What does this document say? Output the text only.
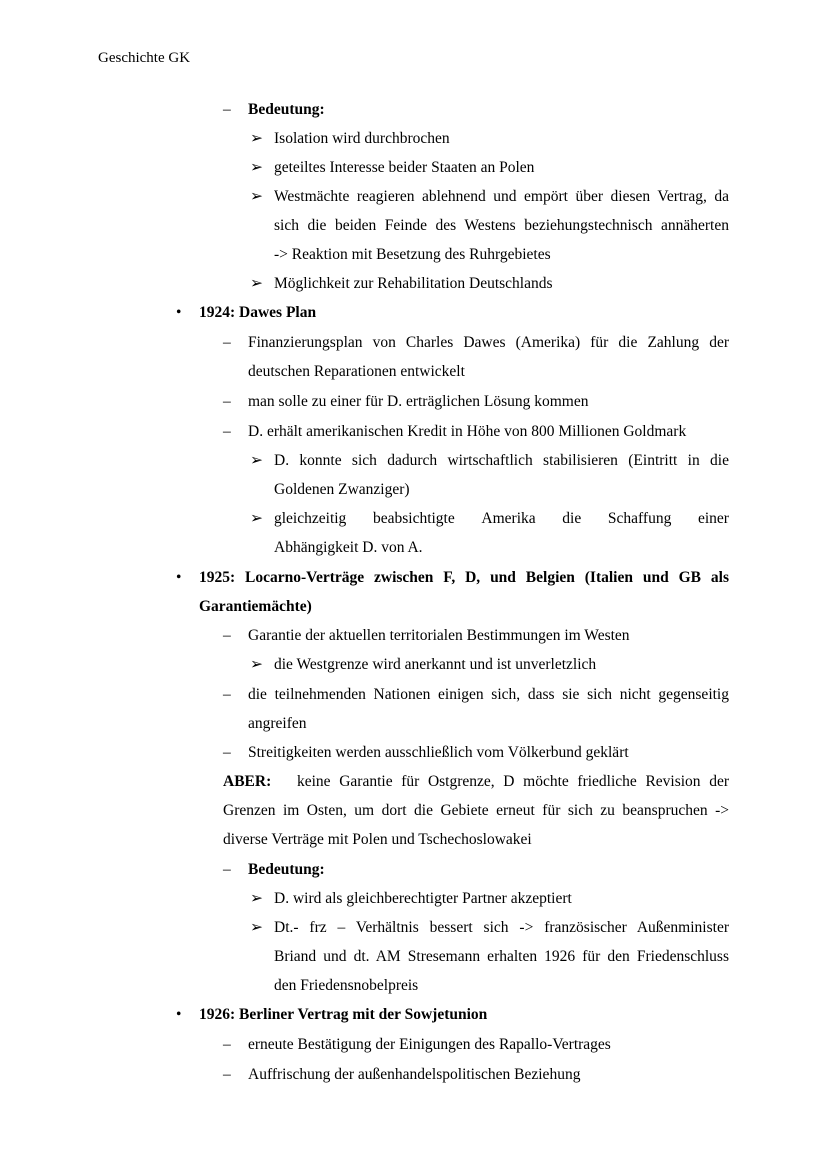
Geschichte GK
– Bedeutung:
➢ Isolation wird durchbrochen
➢ geteiltes Interesse beider Staaten an Polen
➢ Westmächte reagieren ablehnend und empört über diesen Vertrag, da
sich die beiden Feinde des Westens beziehungstechnisch annäherten
-> Reaktion mit Besetzung des Ruhrgebietes
➢ Möglichkeit zur Rehabilitation Deutschlands
• 1924: Dawes Plan
– Finanzierungsplan von Charles Dawes (Amerika) für die Zahlung der
deutschen Reparationen entwickelt
– man solle zu einer für D. erträglichen Lösung kommen
– D. erhält amerikanischen Kredit in Höhe von 800 Millionen Goldmark
➢ D. konnte sich dadurch wirtschaftlich stabilisieren (Eintritt in die
Goldenen Zwanziger)
➢ gleichzeitig beabsichtigte Amerika die Schaffung einer
Abhängigkeit D. von A.
• 1925: Locarno-Verträge zwischen F, D, und Belgien (Italien und GB als
Garantiemächte)
– Garantie der aktuellen territorialen Bestimmungen im Westen
➢ die Westgrenze wird anerkannt und ist unverletzlich
– die teilnehmenden Nationen einigen sich, dass sie sich nicht gegenseitig
angreifen
– Streitigkeiten werden ausschließlich vom Völkerbund geklärt
ABER: keine Garantie für Ostgrenze, D möchte friedliche Revision der
Grenzen im Osten, um dort die Gebiete erneut für sich zu beanspruchen ->
diverse Verträge mit Polen und Tschechoslowakei
– Bedeutung:
➢ D. wird als gleichberechtigter Partner akzeptiert
➢ Dt.- frz – Verhältnis bessert sich -> französischer Außenminister
Briand und dt. AM Stresemann erhalten 1926 für den Friedenschluss
den Friedensnobelpreis
• 1926: Berliner Vertrag mit der Sowjetunion
– erneute Bestätigung der Einigungen des Rapallo-Vertrages
– Auffrischung der außenhandelspolitischen Beziehung
